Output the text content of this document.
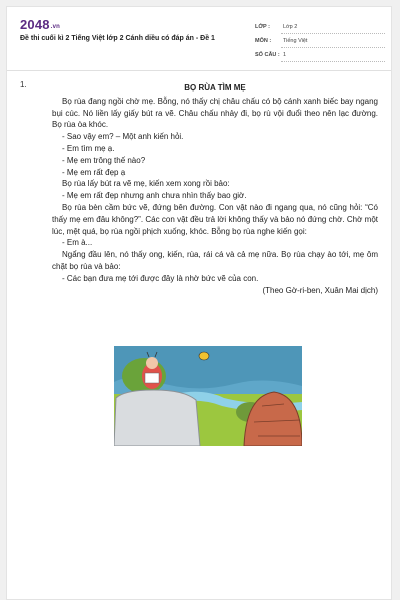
2048.vn
Đề thi cuối kì 2 Tiếng Việt lớp 2 Cánh diều có đáp án - Đề 1
LỚP : Lớp 2
MÔN : Tiếng Việt
SỐ CÂU : 1
1.	BỌ RÙA TÌM MẸ

Bọ rùa đang ngồi chờ mẹ. Bỗng, nó thấy chị châu chấu có bộ cánh xanh biếc bay ngang bụi cúc. Nó liền lấy giấy bút ra vẽ. Châu chấu nhảy đi, bọ rù vội đuổi theo nên lạc đường. Bọ rùa òa khóc.

- Sao vậy em? – Một anh kiến hỏi.

- Em tìm mẹ ạ.

- Mẹ em trông thế nào?

- Mẹ em rất đẹp ạ

Bọ rùa lấy bút ra vẽ mẹ, kiến xem xong rồi bảo:

- Mẹ em rất đẹp nhưng anh chưa nhìn thấy bao giờ.

Bọ rùa bèn cầm bức vẽ, đứng bên đường. Con vật nào đi ngang qua, nó cũng hỏi: “Có thấy mẹ em đâu không?”. Các con vật đều trả lời không thấy và bảo nó đứng chờ. Chờ một lúc, mệt quá, bọ rùa ngồi phịch xuống, khóc. Bỗng bọ rùa nghe kiến gọi:

- Em à...

Ngẩng đầu lên, nó thấy ong, kiến, rùa, rái cá và cả mẹ nữa. Bọ rùa chạy ào tới, mẹ ôm chặt bọ rùa và bảo:

- Các bạn đưa mẹ tới được đây là nhờ bức vẽ của con.

(Theo Gờ-ri-ben, Xuân Mai dịch)
